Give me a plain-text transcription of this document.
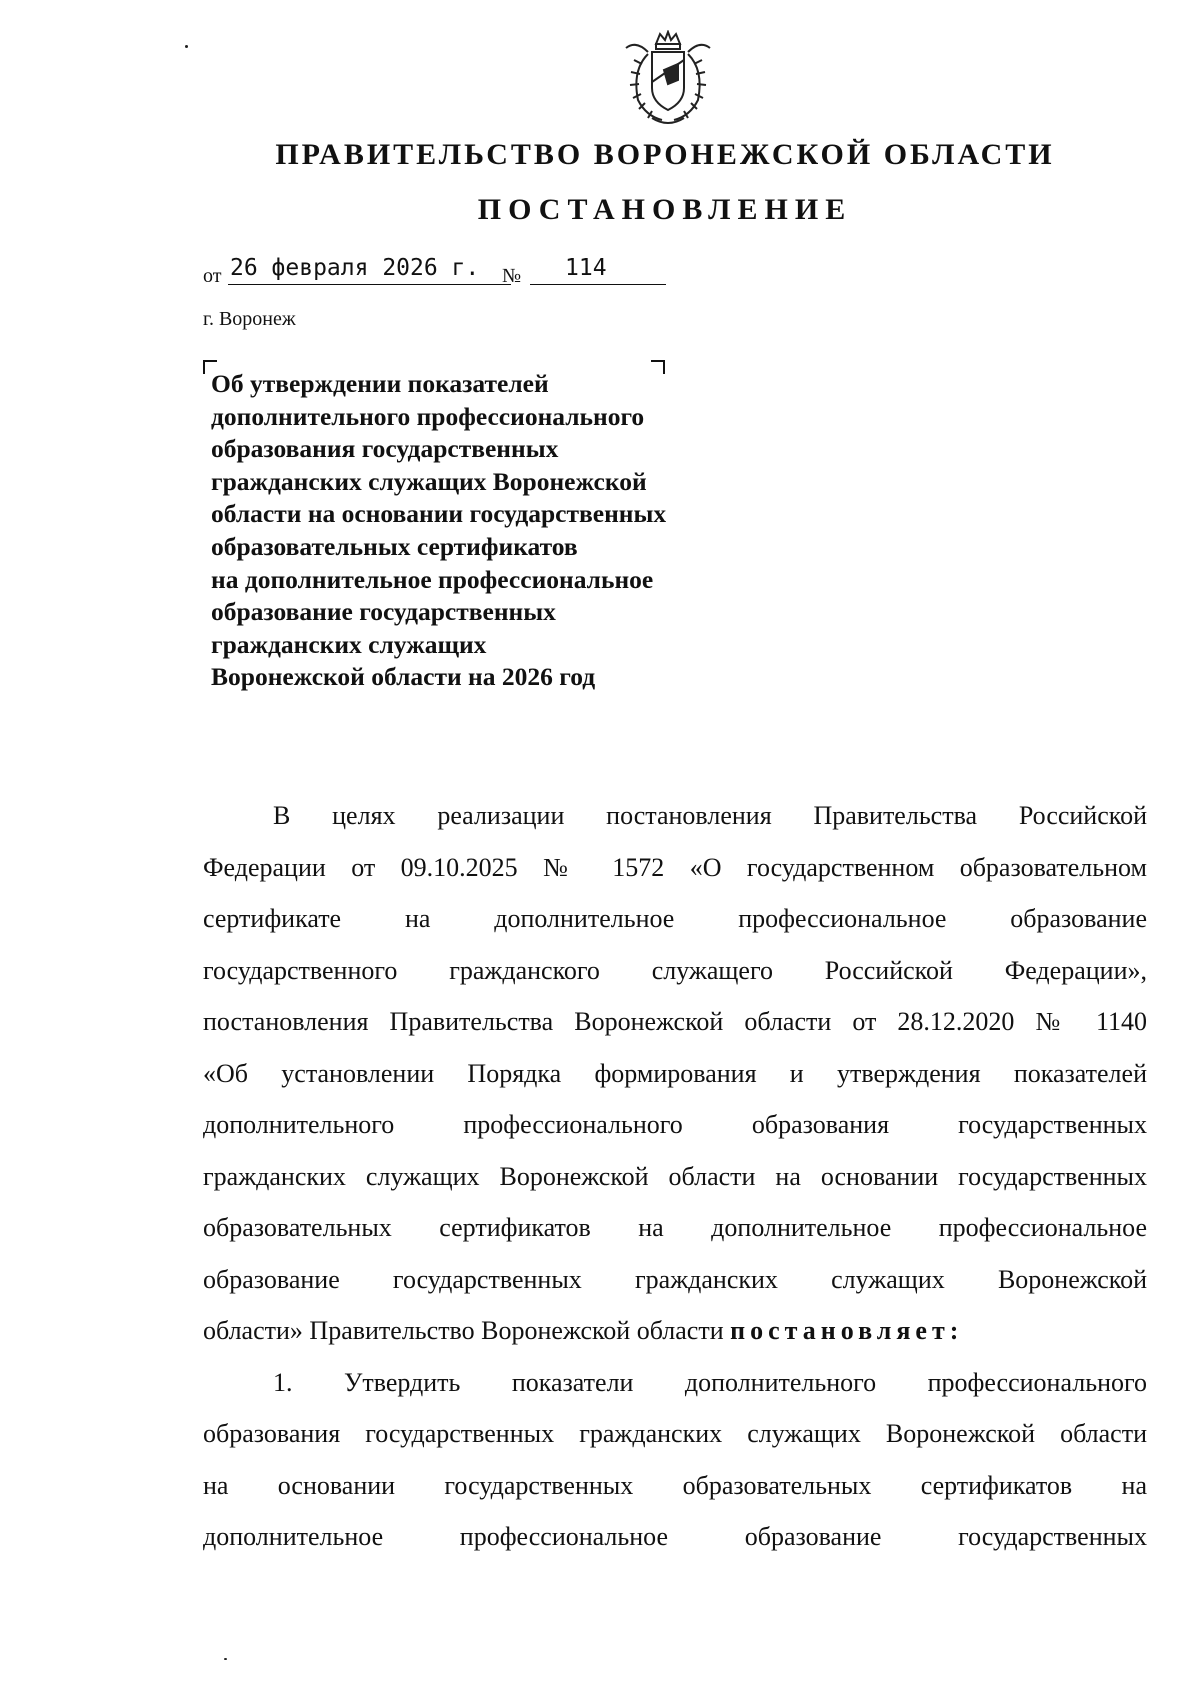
ПРАВИТЕЛЬСТВО ВОРОНЕЖСКОЙ ОБЛАСТИ
ПОСТАНОВЛЕНИЕ
от 26 февраля 2026 г. № 114
г. Воронеж
Об утверждении показателей
дополнительного профессионального
образования государственных
гражданских служащих Воронежской
области на основании государственных
образовательных сертификатов
на дополнительное профессиональное
образование государственных
гражданских служащих
Воронежской области на 2026 год
В целях реализации постановления Правительства Российской
Федерации от 09.10.2025 № 1572 «О государственном образовательном
сертификате на дополнительное профессиональное образование
государственного гражданского служащего Российской Федерации»,
постановления Правительства Воронежской области от 28.12.2020 № 1140
«Об установлении Порядка формирования и утверждения показателей
дополнительного профессионального образования государственных
гражданских служащих Воронежской области на основании государственных
образовательных сертификатов на дополнительное профессиональное
образование государственных гражданских служащих Воронежской
области» Правительство Воронежской области постановляет:
1. Утвердить показатели дополнительного профессионального
образования государственных гражданских служащих Воронежской области
на основании государственных образовательных сертификатов на
дополнительное профессиональное образование государственных
